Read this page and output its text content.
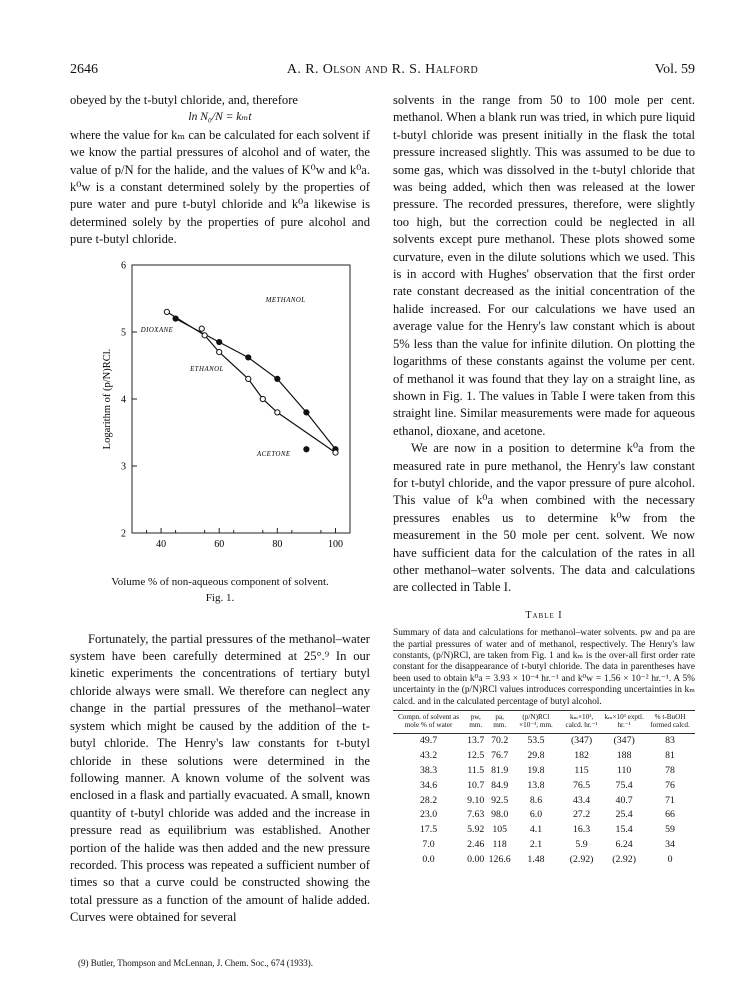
2646	A. R. Olson and R. S. Halford	Vol. 59

obeyed by the t-butyl chloride, and, therefore

ln N₀/N = kₘt

where the value for kₘ can be calculated for each solvent if we know the partial pressures of alcohol and of water, the value of p/N for the halide, and the values of K⁰w and k⁰a. k⁰w is a constant determined solely by the properties of pure water and pure t-butyl chloride and k⁰a likewise is determined solely by the properties of pure alcohol and pure t-butyl chloride.

40	60	80	100
2
3
4
5
6
Logarithm of (p/N)RCl.
METHANOL
ETHANOL
DIOXANE
ACETONE
Volume % of non-aqueous component of solvent.
Fig. 1.

Fortunately, the partial pressures of the methanol–water system have been carefully determined at 25°.⁹ In our kinetic experiments the concentrations of tertiary butyl chloride always were small. We therefore can neglect any change in the partial pressures of the methanol–water system which might be caused by the addition of the t-butyl chloride. The Henry's law constants for t-butyl chloride in these solutions were determined in the following manner. A known volume of the solvent was enclosed in a flask and partially evacuated. A small, known quantity of t-butyl chloride was added and the increase in pressure read as equilibrium was established. Another portion of the halide was then added and the new pressure recorded. This process was repeated a sufficient number of times so that a curve could be constructed showing the total pressure as a function of the amount of halide added. Curves were obtained for several

(9) Butler, Thompson and McLennan, J. Chem. Soc., 674 (1933).

solvents in the range from 50 to 100 mole per cent. methanol. When a blank run was tried, in which pure liquid t-butyl chloride was present initially in the flask the total pressure increased slightly. This was assumed to be due to some gas, which was dissolved in the t-butyl chloride that was being added, which then was released at the lower pressure. The recorded pressures, therefore, were slightly too high, but the correction could be neglected in all solvents except pure methanol. These plots showed some curvature, even in the dilute solutions which we used. This is in accord with Hughes' observation that the first order rate constant decreased as the initial concentration of the halide increased. For our calculations we have used an average value for the Henry's law constant which is about 5% less than the value for infinite dilution. On plotting the logarithms of these constants against the volume per cent. of methanol it was found that they lay on a straight line, as shown in Fig. 1. The values in Table I were taken from this straight line. Similar measurements were made for aqueous ethanol, dioxane, and acetone.

We are now in a position to determine k⁰a from the measured rate in pure methanol, the Henry's law constant for t-butyl chloride, and the vapor pressure of pure alcohol. This value of k⁰a when combined with the necessary pressures enables us to determine k⁰w from the measurement in the 50 mole per cent. solvent. We now have sufficient data for the calculation of the rates in all other methanol–water solvents. The data and calculations are collected in Table I.

Table I
Summary of data and calculations for methanol–water solvents. pw and pa are the partial pressures of water and of methanol, respectively. The Henry's law constants, (p/N)RCl, are taken from Fig. 1 and kₘ is the over-all first order rate constant for the disappearance of t-butyl chloride. The data in parentheses have been used to obtain k⁰a = 3.93 × 10⁻⁴ hr.⁻¹ and k⁰w = 1.56 × 10⁻² hr.⁻¹. A 5% uncertainty in the (p/N)RCl values introduces corresponding uncertainties in kₘ calcd. and in the calculated percentage of butyl alcohol.
Compn. of solvent as mole % of water	pw, mm.	pa, mm.	(p/N)RCl ×10⁻³, mm.	kₘ×10³, calcd. hr.⁻¹	kₘ×10³ exptl. hr.⁻¹	% t-BuOH formed calcd.
49.7	13.7	70.2	53.5	(347)	(347)	83
43.2	12.5	76.7	29.8	182	188	81
38.3	11.5	81.9	19.8	115	110	78
34.6	10.7	84.9	13.8	76.5	75.4	76
28.2	9.10	92.5	8.6	43.4	40.7	71
23.0	7.63	98.0	6.0	27.2	25.4	66
17.5	5.92	105	4.1	16.3	15.4	59
7.0	2.46	118	2.1	5.9	6.24	34
0.0	0.00	126.6	1.48	(2.92)	(2.92)	0
